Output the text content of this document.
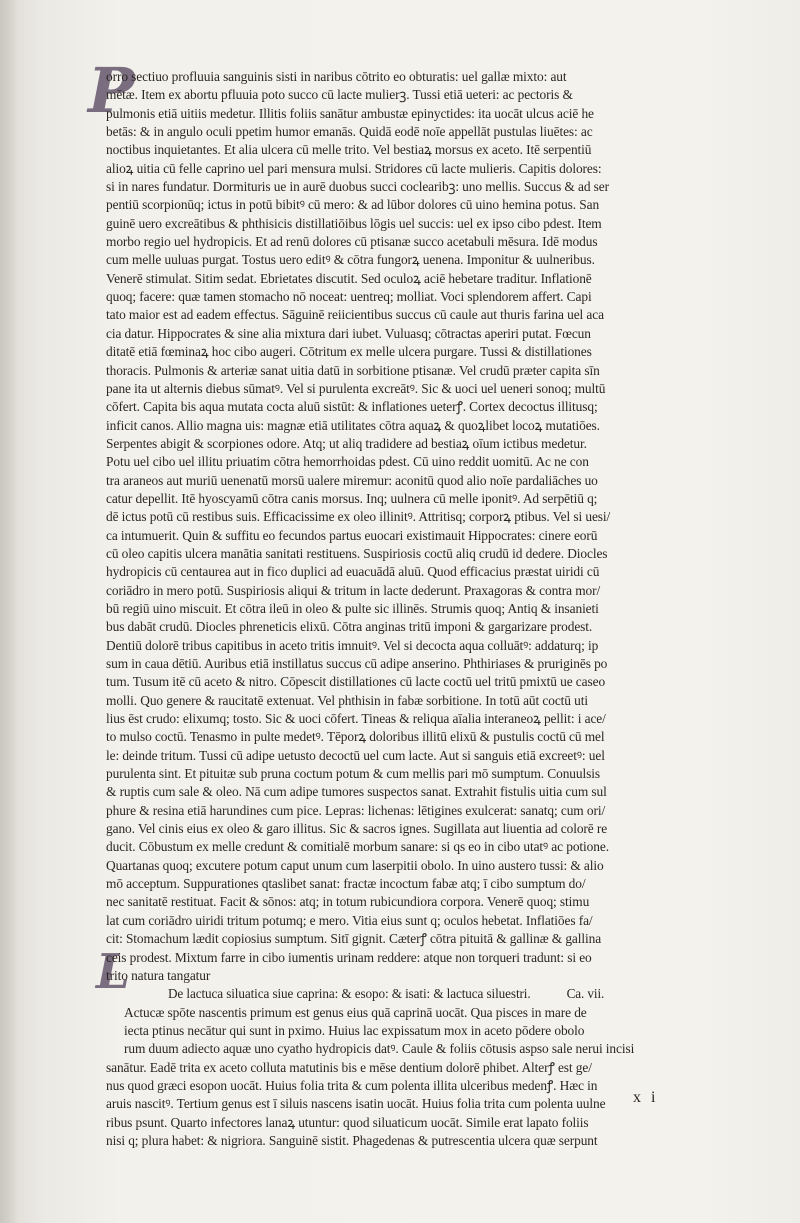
P
L
orro sectiuo profluuia sanguinis sisti in naribus cōtrito eo obturatis: uel gallæ mixto: aut
mētæ. Item ex abortu pfluuia poto succo cū lacte mulierꝫ. Tussi etiā ueteri: ac pectoris &
pulmonis etiā uitiis medetur. Illitis foliis sanātur ambustæ epinyctides: ita uocāt ulcus aciē he
betās: & in angulo oculi ppetim humor emanās. Quidā eodē noīe appellāt pustulas liuētes: ac
noctibus inquietantes. Et alia ulcera cū melle trito. Vel bestiaꝝ morsus ex aceto. Itē serpentiū
alioꝝ uitia cū felle caprino uel pari mensura mulsi. Stridores cū lacte mulieris. Capitis dolores:
si in nares fundatur. Dormituris ue in aurē duobus succi coclearibꝫ: uno mellis. Succus & ad ser
pentiū scorpionūq; ictus in potū bibitꝰ cū mero: & ad lūbor dolores cū uino hemina potus. San
guinē uero excreātibus & phthisicis distillatiōibus lōgis uel succis: uel ex ipso cibo pdest. Item
morbo regio uel hydropicis. Et ad renū dolores cū ptisanæ succo acetabuli mēsura. Idē modus
cum melle uuluas purgat. Tostus uero editꝰ & cōtra fungorꝝ uenena. Imponitur & uulneribus.
Venerē stimulat. Sitim sedat. Ebrietates discutit. Sed oculoꝝ aciē hebetare traditur. Inflationē
quoq; facere: quæ tamen stomacho nō noceat: uentreq; molliat. Voci splendorem affert. Capi
tato maior est ad eadem effectus. Sāguinē reiicientibus succus cū caule aut thuris farina uel aca
cia datur. Hippocrates & sine alia mixtura dari iubet. Vuluasq; cōtractas aperiri putat. Fœcun
ditatē etiā fœminaꝝ hoc cibo augeri. Cōtritum ex melle ulcera purgare. Tussi & distillationes
thoracis. Pulmonis & arteriæ sanat uitia datū in sorbitione ptisanæ. Vel crudū præter capita sīn
pane ita ut alternis diebus sūmatꝰ. Vel si purulenta excreātꝰ. Sic & uoci uel ueneri sonoq; multū
cōfert. Capita bis aqua mutata cocta aluū sistūt: & inflationes ueterꝭ. Cortex decoctus illitusq;
inficit canos. Allio magna uis: magnæ etiā utilitates cōtra aquaꝝ & quoꝝlibet locoꝝ mutatiōes.
Serpentes abigit & scorpiones odore. Atq; ut aliq tradidere ad bestiaꝝ oīum ictibus medetur.
Potu uel cibo uel illitu priuatim cōtra hemorrhoidas pdest. Cū uino reddit uomitū. Ac ne con
tra araneos aut muriū uenenatū morsū ualere miremur: aconitū quod alio noīe pardaliāches uo
catur depellit. Itē hyoscyamū cōtra canis morsus. Inq; uulnera cū melle iponitꝰ. Ad serpētiū q;
dē ictus potū cū restibus suis. Efficacissime ex oleo illinitꝰ. Attritisq; corporꝝ ptibus. Vel si uesi/
ca intumuerit. Quin & suffitu eo fecundos partus euocari existimauit Hippocrates: cinere eorū
cū oleo capitis ulcera manātia sanitati restituens. Suspiriosis coctū aliq crudū id dedere. Diocles
hydropicis cū centaurea aut in fico duplici ad euacuādā aluū. Quod efficacius præstat uiridi cū
coriādro in mero potū. Suspiriosis aliqui & tritum in lacte dederunt. Praxagoras & contra mor/
bū regiū uino miscuit. Et cōtra ileū in oleo & pulte sic illinēs. Strumis quoq; Antiq & insanieti
bus dabāt crudū. Diocles phreneticis elixū. Cōtra anginas tritū imponi & gargarizare prodest.
Dentiū dolorē tribus capitibus in aceto tritis imnuitꝰ. Vel si decocta aqua colluātꝰ: addaturq; ip
sum in caua dētiū. Auribus etiā instillatus succus cū adipe anserino. Phthiriases & pruriginēs po
tum. Tusum itē cū aceto & nitro. Cōpescit distillationes cū lacte coctū uel tritū pmixtū ue caseo
molli. Quo genere & raucitatē extenuat. Vel phthisin in fabæ sorbitione. In totū aūt coctū uti
lius ēst crudo: elixumq; tosto. Sic & uoci cōfert. Tineas & reliqua aīalia interaneoꝝ pellit: i ace/
to mulso coctū. Tenasmo in pulte medetꝰ. Tēporꝝ doloribus illitū elixū & pustulis coctū cū mel
le: deinde tritum. Tussi cū adipe uetusto decoctū uel cum lacte. Aut si sanguis etiā excreetꝰ: uel
purulenta sint. Et pituitæ sub pruna coctum potum & cum mellis pari mō sumptum. Conuulsis
& ruptis cum sale & oleo. Nā cum adipe tumores suspectos sanat. Extrahit fistulis uitia cum sul
phure & resina etiā harundines cum pice. Lepras: lichenas: lētigines exulcerat: sanatq; cum ori/
gano. Vel cinis eius ex oleo & garo illitus. Sic & sacros ignes. Sugillata aut liuentia ad colorē re
ducit. Cōbustum ex melle credunt & comitialē morbum sanare: si qs eo in cibo utatꝰ ac potione.
Quartanas quoq; excutere potum caput unum cum laserpitii obolo. In uino austero tussi: & alio
mō acceptum. Suppurationes qtaslibet sanat: fractæ incoctum fabæ atq; ī cibo sumptum do/
nec sanitatē restituat. Facit & sōnos: atq; in totum rubicundiora corpora. Venerē quoq; stimu
lat cum coriādro uiridi tritum potumq; e mero. Vitia eius sunt q; oculos hebetat. Inflatiōes fa/
cit: Stomachum lædit copiosius sumptum. Sitī gignit. Cæterꝭ cōtra pituitā & gallinæ & gallina
ceis prodest. Mixtum farre in cibo iumentis urinam reddere: atque non torqueri tradunt: si eo
trito natura tangatur
De lactuca siluatica siue caprina: & esopo: & isati: & lactuca siluestri.	Ca. vii.
Actucæ spōte nascentis primum est genus eius quā caprinā uocāt. Qua pisces in mare de
iecta ptinus necātur qui sunt in pximo. Huius lac expissatum mox in aceto pōdere obolo
rum duum adiecto aquæ uno cyatho hydropicis datꝰ. Caule & foliis cōtusis aspso sale nerui incisi
sanātur. Eadē trita ex aceto colluta matutinis bis e mēse dentium dolorē phibet. Alterꝭ est ge/
nus quod græci esopon uocāt. Huius folia trita & cum polenta illita ulceribus medenꝭ. Hæc in
aruis nascitꝰ. Tertium genus est ī siluis nascens isatin uocāt. Huius folia trita cum polenta uulne
ribus psunt. Quarto infectores lanaꝝ utuntur: quod siluaticum uocāt. Simile erat lapato foliis
nisi q; plura habet: & nigriora. Sanguinē sistit. Phagedenas & putrescentia ulcera quæ serpunt
x i
